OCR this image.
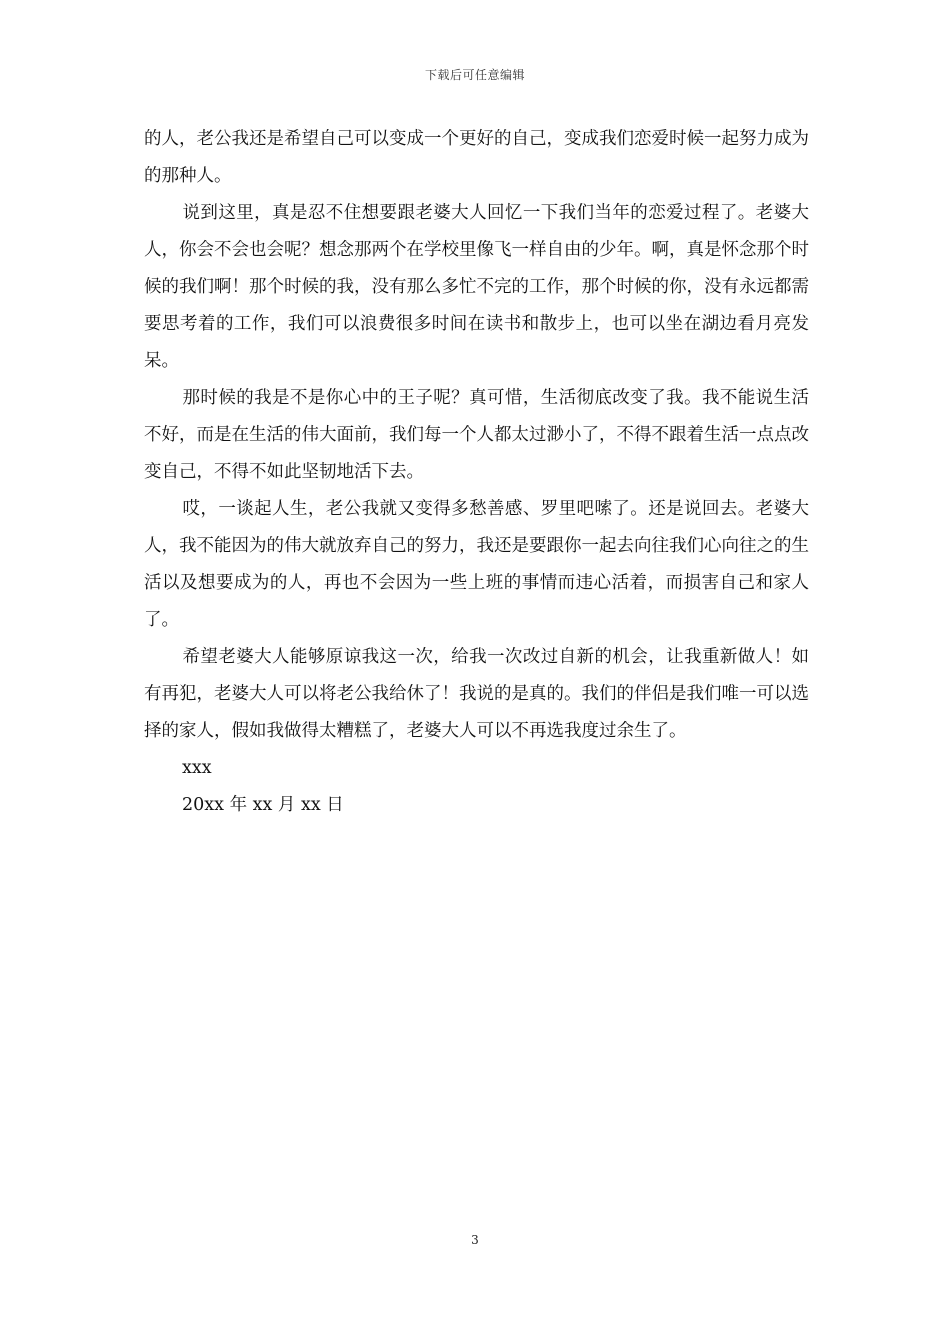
下载后可任意编辑

的人，老公我还是希望自己可以变成一个更好的自己，变成我们恋爱时候一起努力成为的那种人。

说到这里，真是忍不住想要跟老婆大人回忆一下我们当年的恋爱过程了。老婆大人，你会不会也会呢？想念那两个在学校里像飞一样自由的少年。啊，真是怀念那个时候的我们啊！那个时候的我，没有那么多忙不完的工作，那个时候的你，没有永远都需要思考着的工作，我们可以浪费很多时间在读书和散步上，也可以坐在湖边看月亮发呆。

那时候的我是不是你心中的王子呢？真可惜，生活彻底改变了我。我不能说生活不好，而是在生活的伟大面前，我们每一个人都太过渺小了，不得不跟着生活一点点改变自己，不得不如此坚韧地活下去。

哎，一谈起人生，老公我就又变得多愁善感、罗里吧嗦了。还是说回去。老婆大人，我不能因为的伟大就放弃自己的努力，我还是要跟你一起去向往我们心向往之的生活以及想要成为的人，再也不会因为一些上班的事情而违心活着，而损害自己和家人了。

希望老婆大人能够原谅我这一次，给我一次改过自新的机会，让我重新做人！如有再犯，老婆大人可以将老公我给休了！我说的是真的。我们的伴侣是我们唯一可以选择的家人，假如我做得太糟糕了，老婆大人可以不再选我度过余生了。

xxx

20xx 年 xx 月 xx 日

3
